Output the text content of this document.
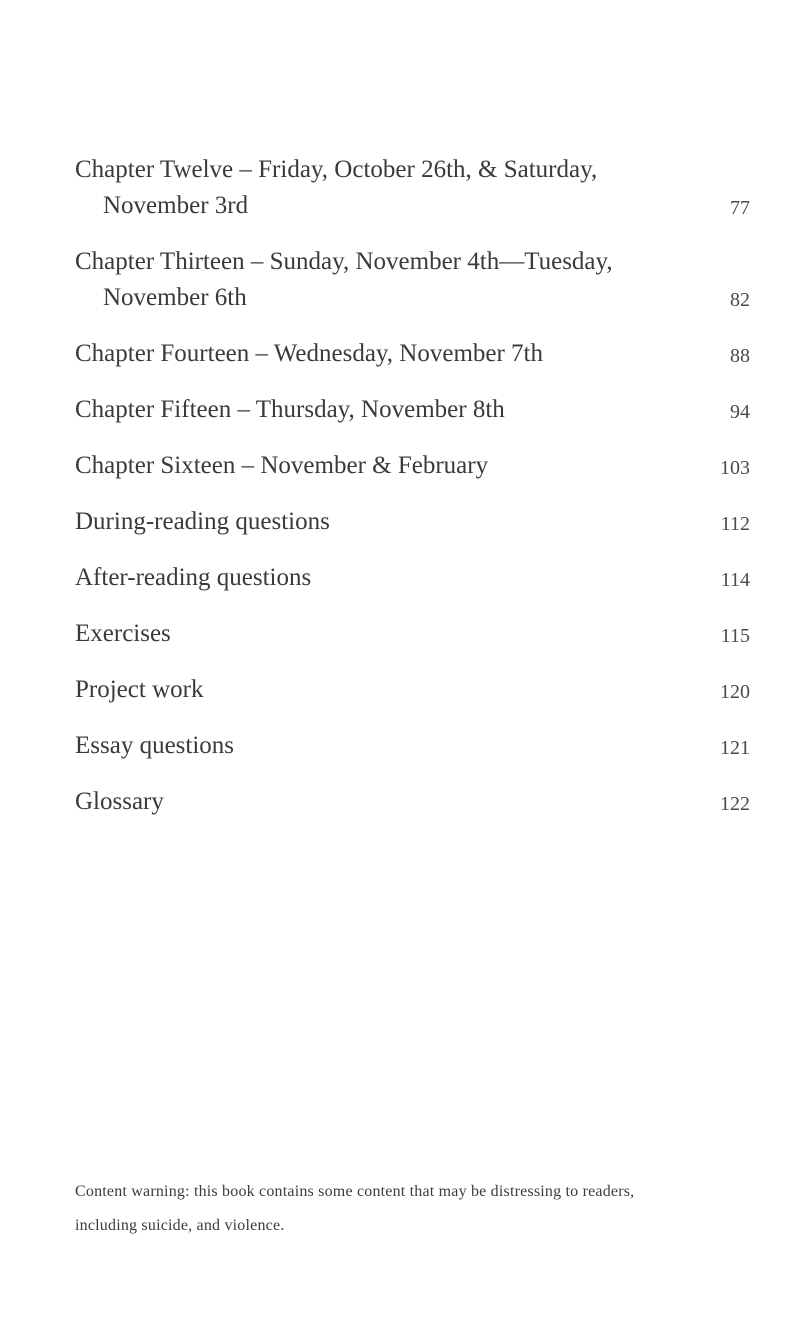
Chapter Twelve – Friday, October 26th, & Saturday,
November 3rd	77
Chapter Thirteen – Sunday, November 4th—Tuesday,
November 6th	82
Chapter Fourteen – Wednesday, November 7th	88
Chapter Fifteen – Thursday, November 8th	94
Chapter Sixteen – November & February	103
During-reading questions	112
After-reading questions	114
Exercises	115
Project work	120
Essay questions	121
Glossary	122

Content warning: this book contains some content that may be distressing to readers,

including suicide, and violence.
